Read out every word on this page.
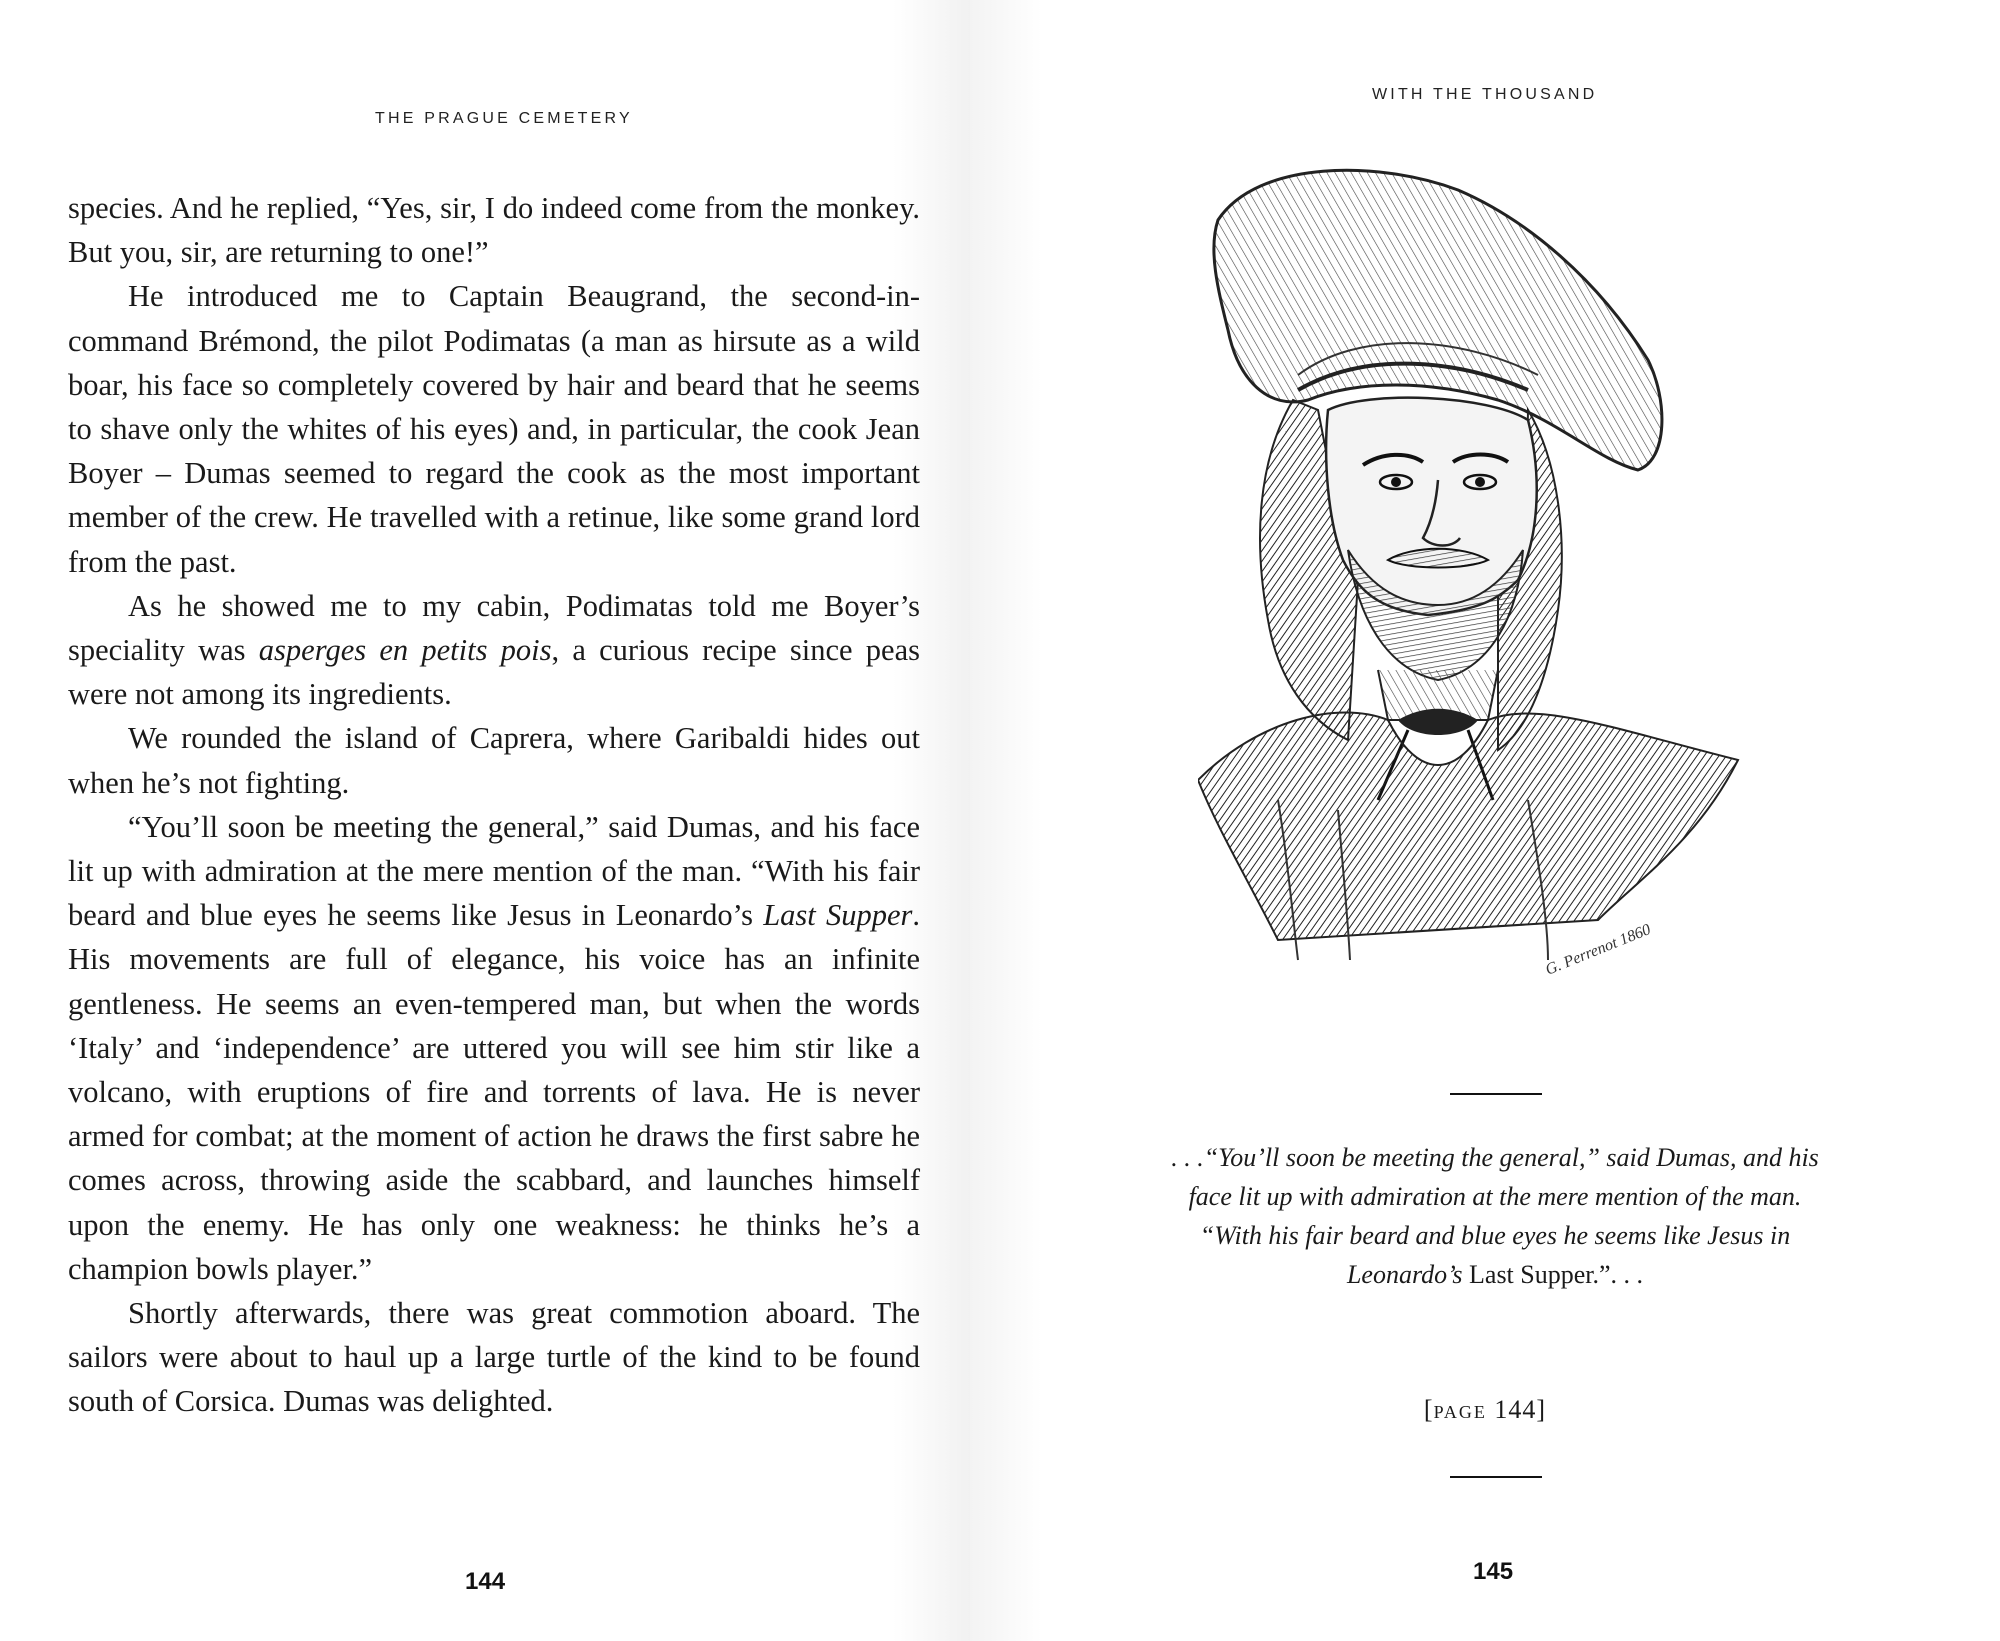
THE PRAGUE CEMETERY

species. And he replied, “Yes, sir, I do indeed come from the monkey. But you, sir, are returning to one!”

He introduced me to Captain Beaugrand, the second-in-command Brémond, the pilot Podimatas (a man as hirsute as a wild boar, his face so completely covered by hair and beard that he seems to shave only the whites of his eyes) and, in particular, the cook Jean Boyer – Dumas seemed to regard the cook as the most important member of the crew. He travelled with a retinue, like some grand lord from the past.

As he showed me to my cabin, Podimatas told me Boyer’s speciality was asperges en petits pois, a curious recipe since peas were not among its ingredients.

We rounded the island of Caprera, where Garibaldi hides out when he’s not fighting.

“You’ll soon be meeting the general,” said Dumas, and his face lit up with admiration at the mere mention of the man. “With his fair beard and blue eyes he seems like Jesus in Leonardo’s Last Supper. His movements are full of elegance, his voice has an infinite gentleness. He seems an even-tempered man, but when the words ‘Italy’ and ‘independence’ are uttered you will see him stir like a volcano, with eruptions of fire and torrents of lava. He is never armed for combat; at the moment of action he draws the first sabre he comes across, throwing aside the scabbard, and launches himself upon the enemy. He has only one weakness: he thinks he’s a champion bowls player.”

Shortly afterwards, there was great commotion aboard. The sailors were about to haul up a large turtle of the kind to be found south of Corsica. Dumas was delighted.

144
WITH THE THOUSAND
G. Perrenot 1860
. . .“You’ll soon be meeting the general,” said Dumas, and his face lit up with admiration at the mere mention of the man. “With his fair beard and blue eyes he seems like Jesus in Leonardo’s Last Supper.”. . .
[PAGE 144]
145
